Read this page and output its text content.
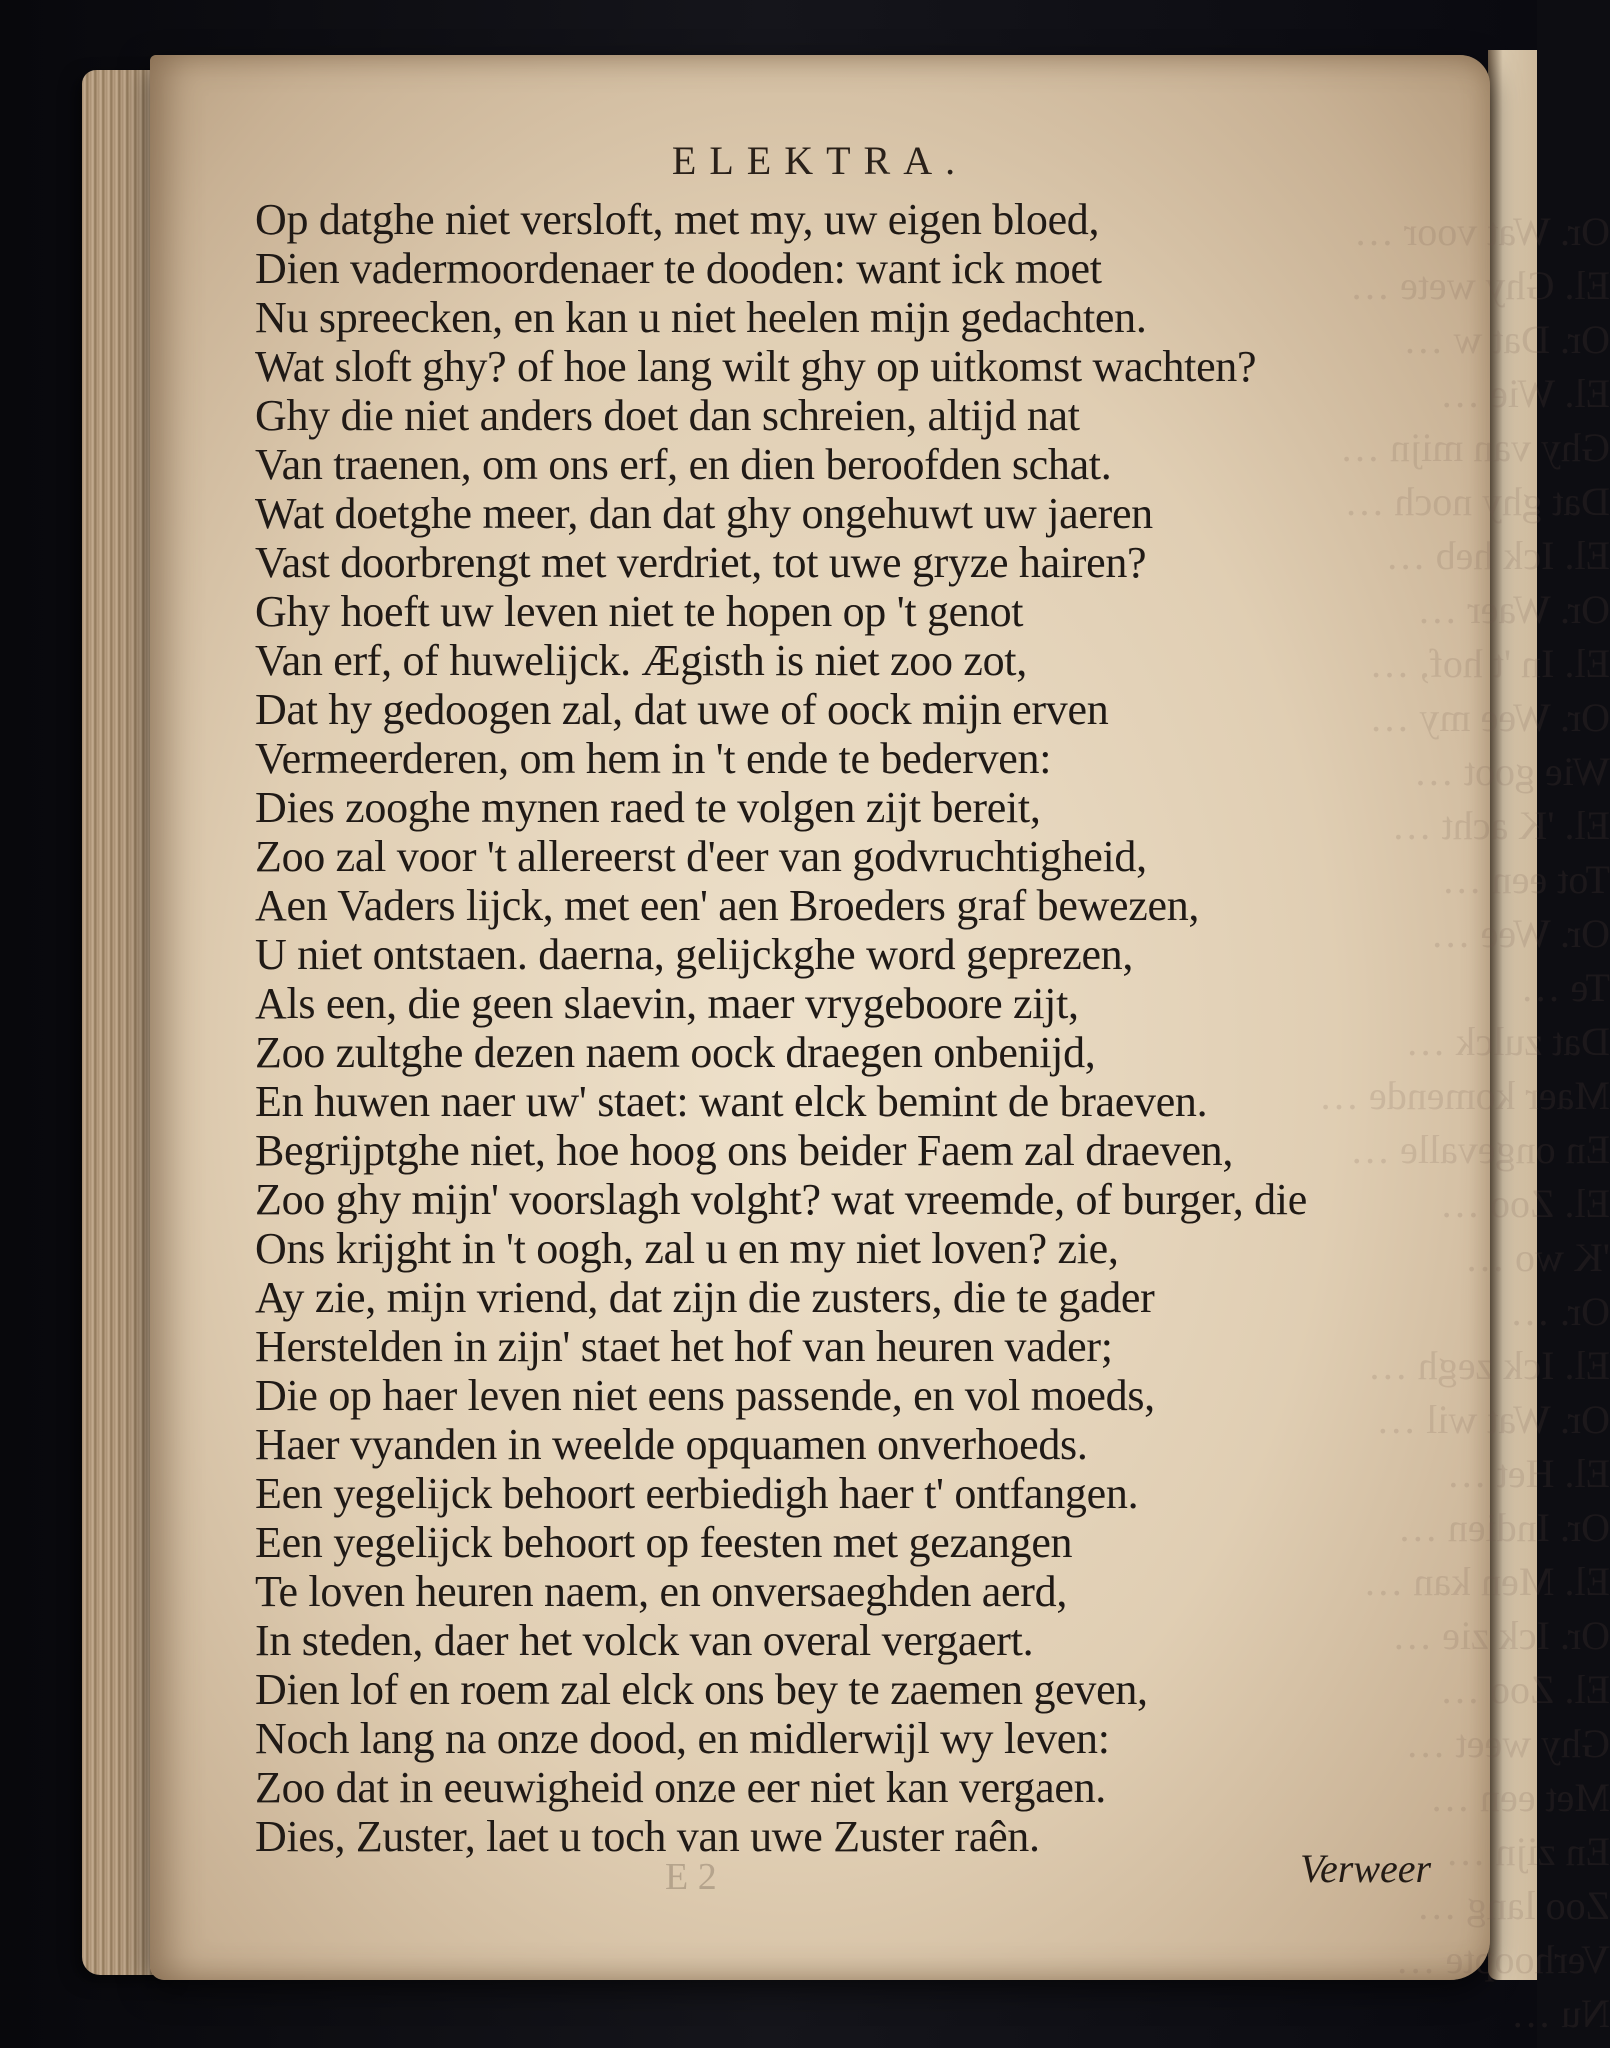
Or. Wat voor …
El. Ghy wete …
Or. w …
El. …
Ghy van mijn …
Dat ghy noch …
El. heb …
Or. …
El. In 't hof, …
Or. Wee my …
Wie …
El. acht …
Tot …
Or. …
Te …
Dat …
Maer komende …
En ongevalle …
El. …
'K wo …
Or. …
El. Ick zegh …
Or. wil …
El. …
Or. …
El. Men kan …
Or. zie …
El. …
Ghy …
Met …
En …
Zoo …
…
Nu …
ELEKTRA.
Op datghe niet versloft, met my, uw eigen bloed,
Dien vadermoordenaer te dooden: want ick moet
Nu spreecken, en kan u niet heelen mijn gedachten.
Wat sloft ghy? of hoe lang wilt ghy op uitkomst wachten?
Ghy die niet anders doet dan schreien, altijd nat
Van traenen, om ons erf, en dien beroofden schat.
Wat doetghe meer, dan dat ghy ongehuwt uw jaeren
Vast doorbrengt met verdriet, tot uwe gryze hairen?
Ghy hoeft uw leven niet te hopen op 't genot
Van erf, of huwelijck. Ægisth is niet zoo zot,
Dat hy gedoogen zal, dat uwe of oock mijn erven
Vermeerderen, om hem in 't ende te bederven:
Dies zooghe mynen raed te volgen zijt bereit,
Zoo zal voor 't allereerst d'eer van godvruchtigheid,
Aen Vaders lijck, met een' aen Broeders graf bewezen,
U niet ontstaen. daerna, gelijckghe word geprezen,
Als een, die geen slaevin, maer vrygeboore zijt,
Zoo zultghe dezen naem oock draegen onbenijd,
En huwen naer uw' staet: want elck bemint de braeven.
Begrijptghe niet, hoe hoog ons beider Faem zal draeven,
Zoo ghy mijn' voorslagh volght? wat vreemde, of burger, die
Ons krijght in 't oogh, zal u en my niet loven? zie,
Ay zie, mijn vriend, dat zijn die zusters, die te gader
Herstelden in zijn' staet het hof van heuren vader;
Die op haer leven niet eens passende, en vol moeds,
Haer vyanden in weelde opquamen onverhoeds.
Een yegelijck behoort eerbiedigh haer t' ontfangen.
Een yegelijck behoort op feesten met gezangen
Te loven heuren naem, en onversaeghden aerd,
In steden, daer het volck van overal vergaert.
Dien lof en roem zal elck ons bey te zaemen geven,
Noch lang na onze dood, en midlerwijl wy leven:
Zoo dat in eeuwigheid onze eer niet kan vergaen.
Dies, Zuster, laet u toch van uwe Zuster raên.
E 2	Verweer
